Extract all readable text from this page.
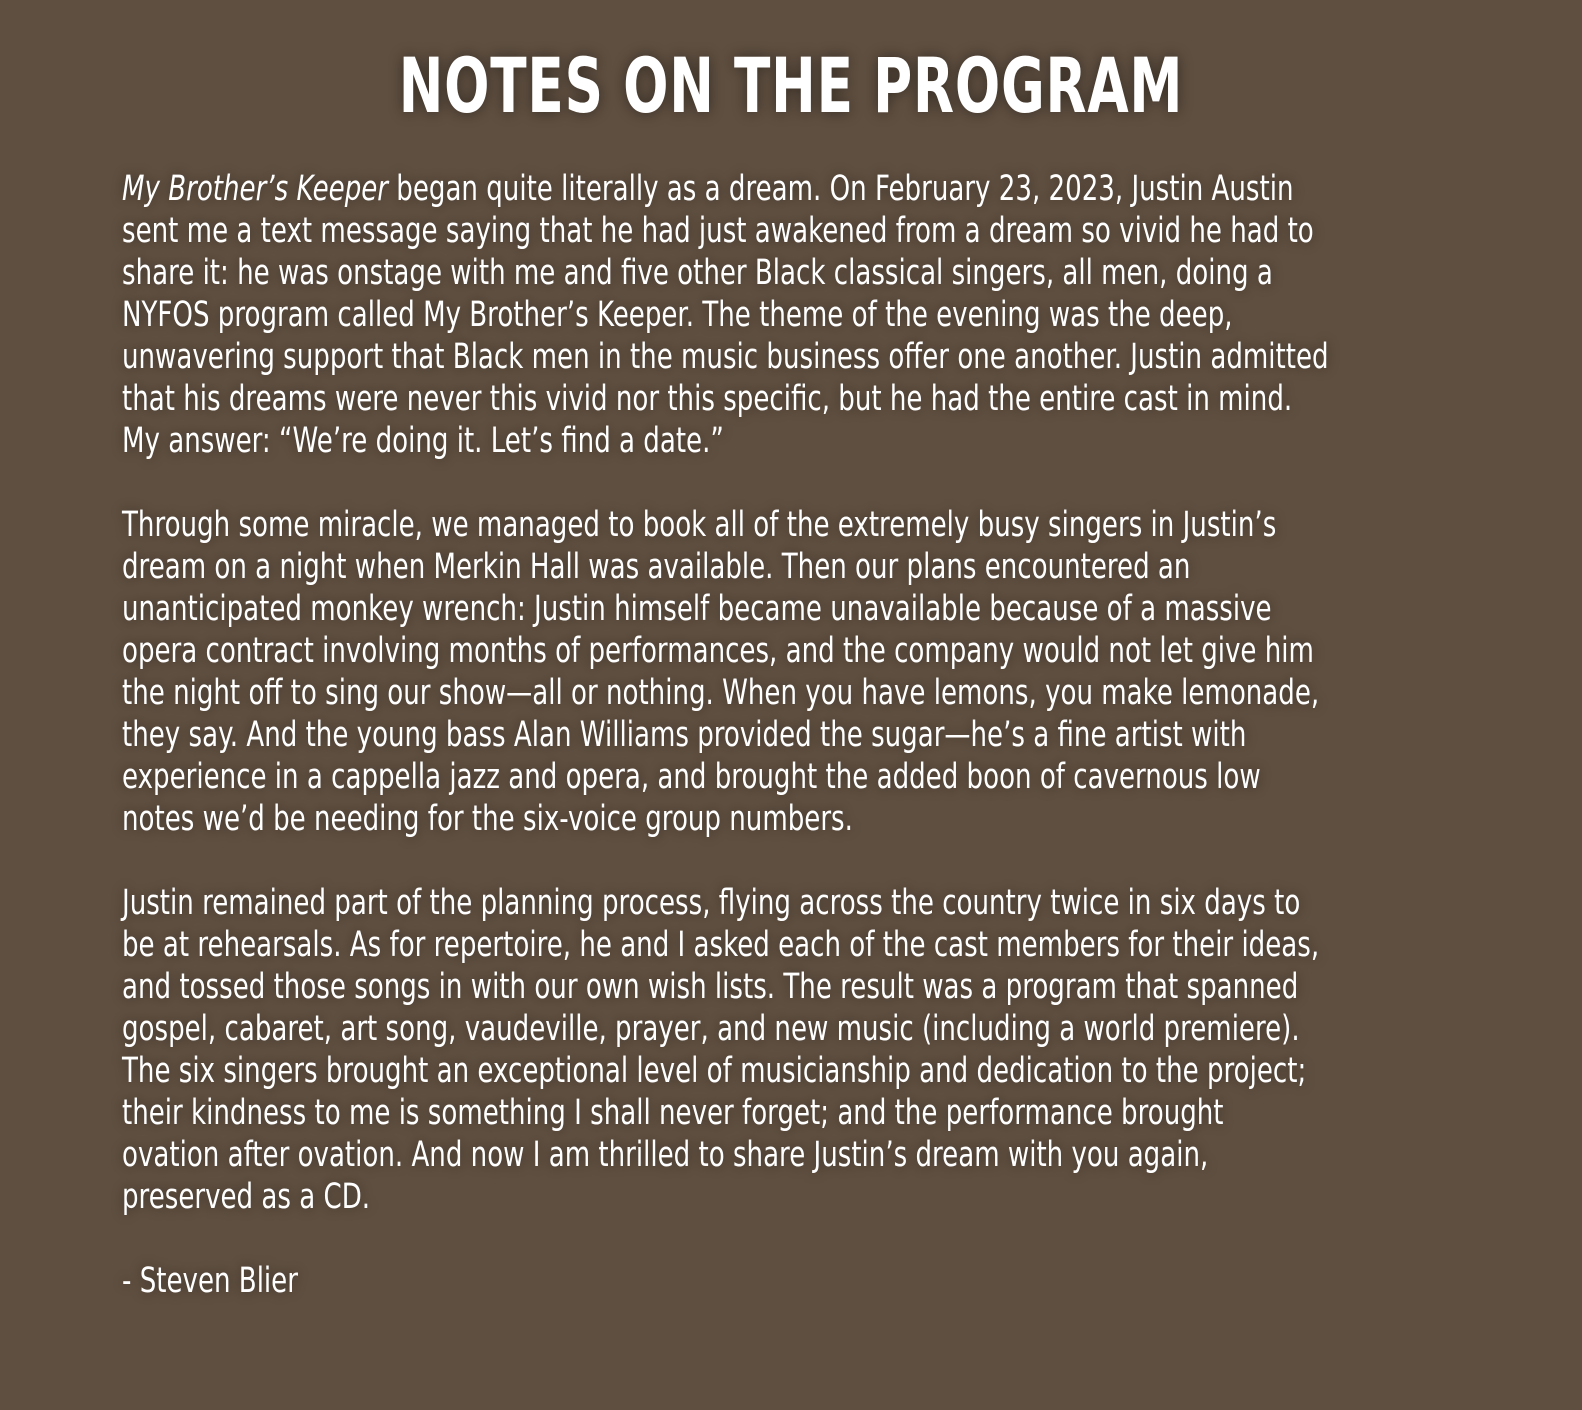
NOTES ON THE PROGRAM

My Brother’s Keeper began quite literally as a dream. On February 23, 2023, Justin Austin
sent me a text message saying that he had just awakened from a dream so vivid he had to
share it: he was onstage with me and five other Black classical singers, all men, doing a
NYFOS program called My Brother’s Keeper. The theme of the evening was the deep,
unwavering support that Black men in the music business offer one another. Justin admitted
that his dreams were never this vivid nor this specific, but he had the entire cast in mind.
My answer: “We’re doing it. Let’s find a date.”

Through some miracle, we managed to book all of the extremely busy singers in Justin’s
dream on a night when Merkin Hall was available. Then our plans encountered an
unanticipated monkey wrench: Justin himself became unavailable because of a massive
opera contract involving months of performances, and the company would not let give him
the night off to sing our show—all or nothing. When you have lemons, you make lemonade,
they say. And the young bass Alan Williams provided the sugar—he’s a fine artist with
experience in a cappella jazz and opera, and brought the added boon of cavernous low
notes we’d be needing for the six-voice group numbers.

Justin remained part of the planning process, flying across the country twice in six days to
be at rehearsals. As for repertoire, he and I asked each of the cast members for their ideas,
and tossed those songs in with our own wish lists. The result was a program that spanned
gospel, cabaret, art song, vaudeville, prayer, and new music (including a world premiere).
The six singers brought an exceptional level of musicianship and dedication to the project;
their kindness to me is something I shall never forget; and the performance brought
ovation after ovation. And now I am thrilled to share Justin’s dream with you again,
preserved as a CD.

- Steven Blier
